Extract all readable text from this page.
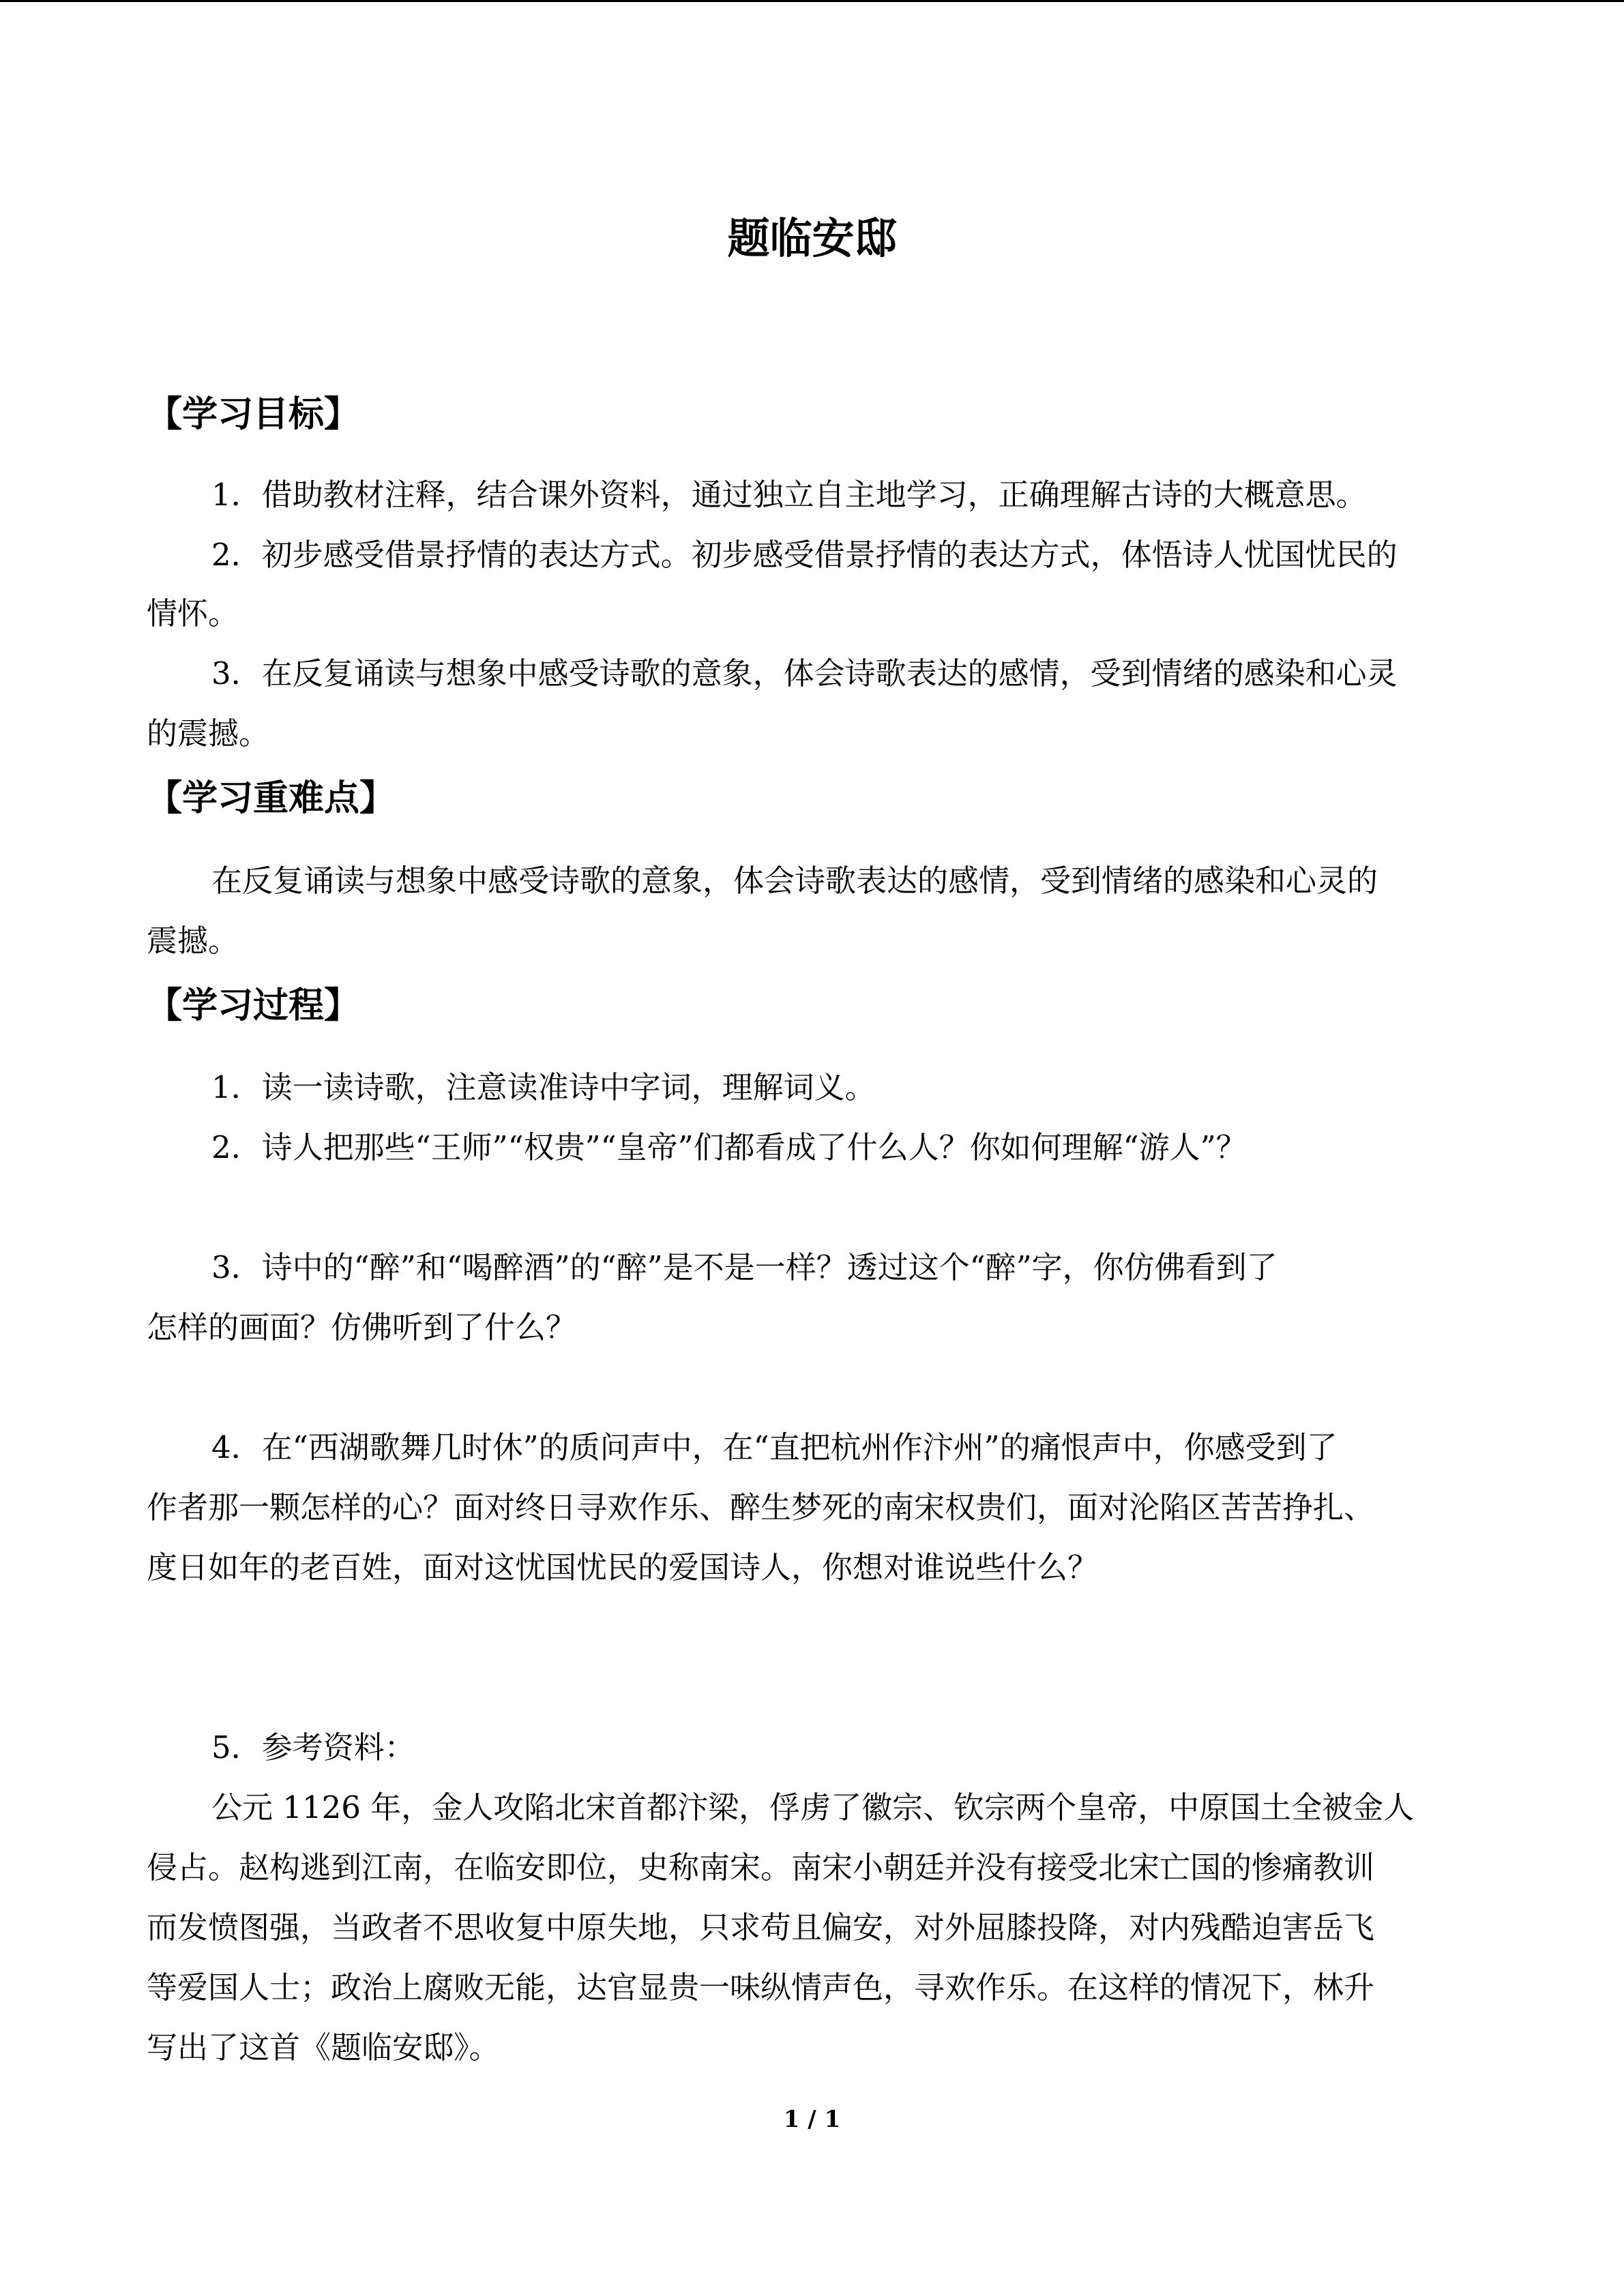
题临安邸
【学习目标】
1．借助教材注释，结合课外资料，通过独立自主地学习，正确理解古诗的大概意思。
2．初步感受借景抒情的表达方式。初步感受借景抒情的表达方式，体悟诗人忧国忧民的
情怀。
3．在反复诵读与想象中感受诗歌的意象，体会诗歌表达的感情，受到情绪的感染和心灵
的震撼。
【学习重难点】
在反复诵读与想象中感受诗歌的意象，体会诗歌表达的感情，受到情绪的感染和心灵的
震撼。
【学习过程】
1．读一读诗歌，注意读准诗中字词，理解词义。
2．诗人把那些“王师”“权贵”“皇帝”们都看成了什么人？你如何理解“游人”？
3．诗中的“醉”和“喝醉酒”的“醉”是不是一样？透过这个“醉”字，你仿佛看到了
怎样的画面？仿佛听到了什么？
4．在“西湖歌舞几时休”的质问声中，在“直把杭州作汴州”的痛恨声中，你感受到了
作者那一颗怎样的心？面对终日寻欢作乐、醉生梦死的南宋权贵们，面对沦陷区苦苦挣扎、
度日如年的老百姓，面对这忧国忧民的爱国诗人，你想对谁说些什么？
5．参考资料：
公元 1126 年，金人攻陷北宋首都汴梁，俘虏了徽宗、钦宗两个皇帝，中原国土全被金人
侵占。赵构逃到江南，在临安即位，史称南宋。南宋小朝廷并没有接受北宋亡国的惨痛教训
而发愤图强，当政者不思收复中原失地，只求苟且偏安，对外屈膝投降，对内残酷迫害岳飞
等爱国人士；政治上腐败无能，达官显贵一味纵情声色，寻欢作乐。在这样的情况下，林升
写出了这首《题临安邸》。
1 / 1
